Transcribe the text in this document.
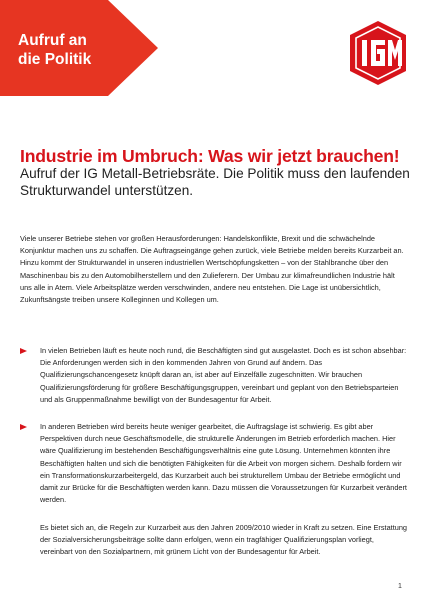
Aufruf an
die Politik
Industrie im Umbruch: Was wir jetzt brauchen!
Aufruf der IG Metall-Betriebsräte. Die Politik muss den laufenden Strukturwandel unterstützen.
Viele unserer Betriebe stehen vor großen Herausforderungen: Handelskonflikte, Brexit und die schwächelnde Konjunktur machen uns zu schaffen. Die Auftragseingänge gehen zurück, viele Betriebe melden bereits Kurzarbeit an. Hinzu kommt der Strukturwandel in unseren industriellen Wertschöpfungsketten – von der Stahlbranche über den Maschinenbau bis zu den Automobilherstellern und den Zulieferern. Der Umbau zur klimafreundlichen Industrie hält uns alle in Atem. Viele Arbeitsplätze werden verschwinden, andere neu entstehen. Die Lage ist unübersichtlich, Zukunftsängste treiben unsere Kolleginnen und Kollegen um.
In vielen Betrieben läuft es heute noch rund, die Beschäftigten sind gut ausgelastet. Doch es ist schon absehbar: Die Anforderungen werden sich in den kommenden Jahren von Grund auf ändern. Das Qualifizierungschancengesetz knüpft daran an, ist aber auf Einzelfälle zugeschnitten. Wir brauchen Qualifizierungsförderung für größere Beschäftigungsgruppen, vereinbart und geplant von den Betriebsparteien und als Gruppenmaßnahme bewilligt von der Bundesagentur für Arbeit.
In anderen Betrieben wird bereits heute weniger gearbeitet, die Auftragslage ist schwierig. Es gibt aber Perspektiven durch neue Geschäftsmodelle, die strukturelle Änderungen im Betrieb erforderlich machen. Hier wäre Qualifizierung im bestehenden Beschäftigungsverhältnis eine gute Lösung. Unternehmen könnten ihre Beschäftigten halten und sich die benötigten Fähigkeiten für die Arbeit von morgen sichern. Deshalb fordern wir ein Transformationskurzarbeitergeld, das Kurzarbeit auch bei strukturellem Umbau der Betriebe ermöglicht und damit zur Brücke für die Beschäftigten werden kann. Dazu müssen die Voraussetzungen für Kurzarbeit verändert werden.
Es bietet sich an, die Regeln zur Kurzarbeit aus den Jahren 2009/2010 wieder in Kraft zu setzen. Eine Erstattung der Sozialversicherungsbeiträge sollte dann erfolgen, wenn ein tragfähiger Qualifizierungsplan vorliegt, vereinbart von den Sozialpartnern, mit grünem Licht von der Bundesagentur für Arbeit.
1
